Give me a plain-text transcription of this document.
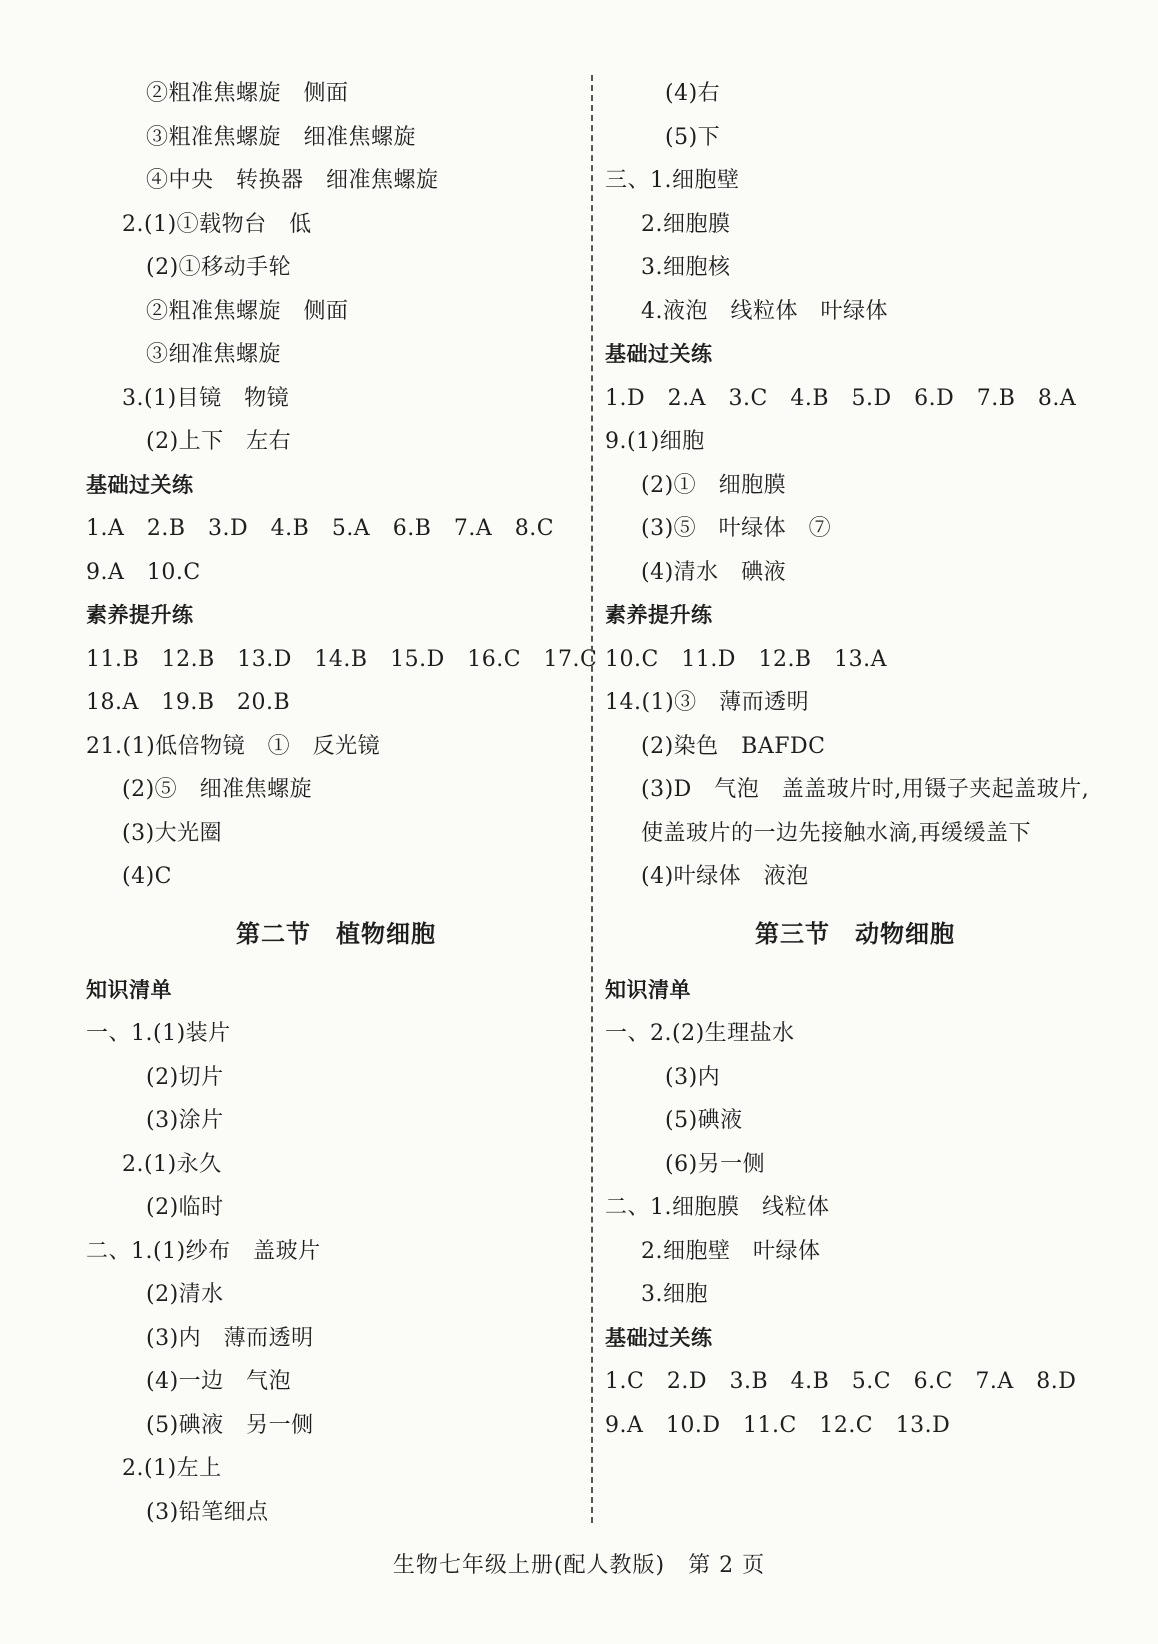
②粗准焦螺旋　侧面
③粗准焦螺旋　细准焦螺旋
④中央　转换器　细准焦螺旋
2.(1)①载物台　低
(2)①移动手轮
②粗准焦螺旋　侧面
③细准焦螺旋
3.(1)目镜　物镜
(2)上下　左右
基础过关练
1.A　2.B　3.D　4.B　5.A　6.B　7.A　8.C
9.A　10.C
素养提升练
11.B　12.B　13.D　14.B　15.D　16.C　17.C
18.A　19.B　20.B
21.(1)低倍物镜　①　反光镜
(2)⑤　细准焦螺旋
(3)大光圈
(4)C
第二节　植物细胞
知识清单
一、1.(1)装片
(2)切片
(3)涂片
2.(1)永久
(2)临时
二、1.(1)纱布　盖玻片
(2)清水
(3)内　薄而透明
(4)一边　气泡
(5)碘液　另一侧
2.(1)左上
(3)铅笔细点
(4)右
(5)下
三、1.细胞壁
2.细胞膜
3.细胞核
4.液泡　线粒体　叶绿体
基础过关练
1.D　2.A　3.C　4.B　5.D　6.D　7.B　8.A
9.(1)细胞
(2)①　细胞膜
(3)⑤　叶绿体　⑦
(4)清水　碘液
素养提升练
10.C　11.D　12.B　13.A
14.(1)③　薄而透明
(2)染色　BAFDC
(3)D　气泡　盖盖玻片时,用镊子夹起盖玻片,使盖玻片的一边先接触水滴,再缓缓盖下
(4)叶绿体　液泡
第三节　动物细胞
知识清单
一、2.(2)生理盐水
(3)内
(5)碘液
(6)另一侧
二、1.细胞膜　线粒体
2.细胞壁　叶绿体
3.细胞
基础过关练
1.C　2.D　3.B　4.B　5.C　6.C　7.A　8.D
9.A　10.D　11.C　12.C　13.D
生物七年级上册(配人教版)　第 2 页
